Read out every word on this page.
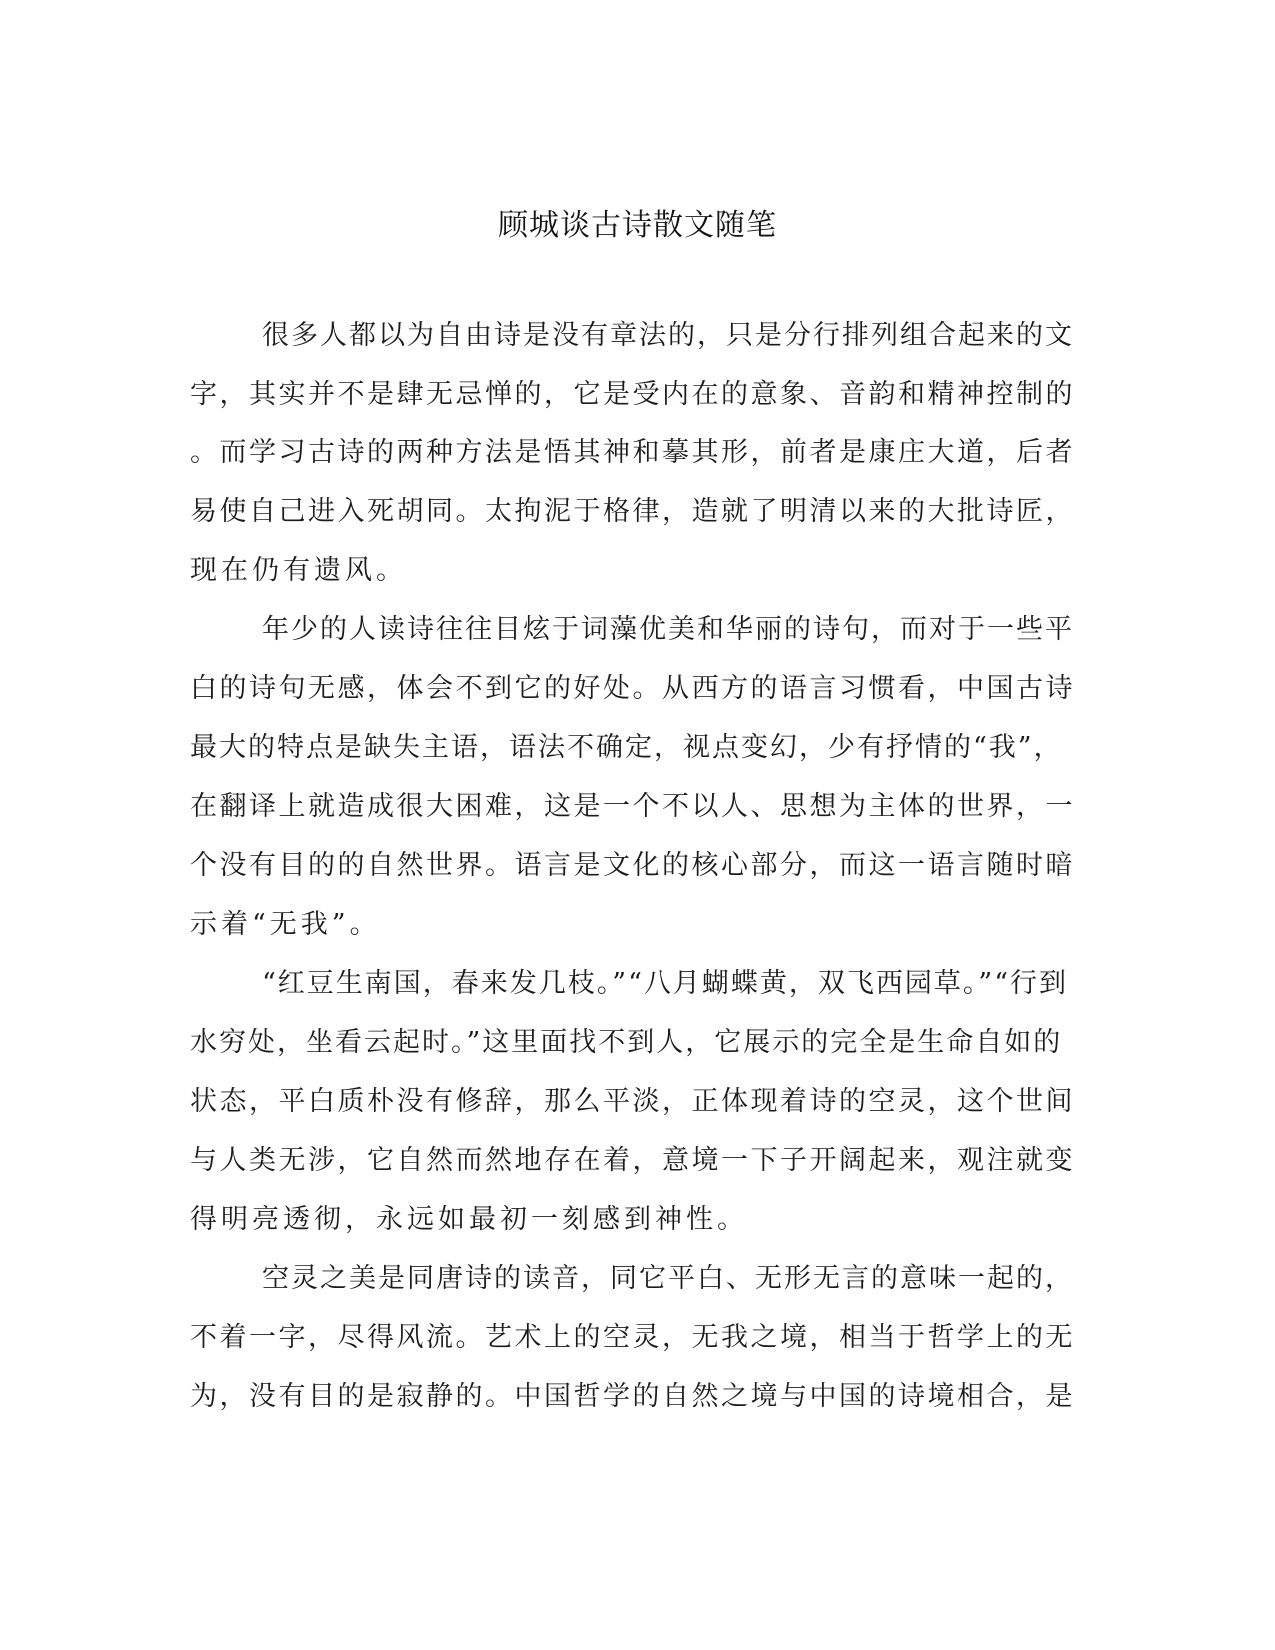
顾城谈古诗散文随笔
很多人都以为自由诗是没有章法的，只是分行排列组合起来的文
字，其实并不是肆无忌惮的，它是受内在的意象、音韵和精神控制的
。而学习古诗的两种方法是悟其神和摹其形，前者是康庄大道，后者
易使自己进入死胡同。太拘泥于格律，造就了明清以来的大批诗匠，
现在仍有遗风。
年少的人读诗往往目炫于词藻优美和华丽的诗句，而对于一些平
白的诗句无感，体会不到它的好处。从西方的语言习惯看，中国古诗
最大的特点是缺失主语，语法不确定，视点变幻，少有抒情的“我”，
在翻译上就造成很大困难，这是一个不以人、思想为主体的世界，一
个没有目的的自然世界。语言是文化的核心部分，而这一语言随时暗
示着“无我”。
“红豆生南国，春来发几枝。”“八月蝴蝶黄，双飞西园草。”“行到
水穷处，坐看云起时。”这里面找不到人，它展示的完全是生命自如的
状态，平白质朴没有修辞，那么平淡，正体现着诗的空灵，这个世间
与人类无涉，它自然而然地存在着，意境一下子开阔起来，观注就变
得明亮透彻，永远如最初一刻感到神性。
空灵之美是同唐诗的读音，同它平白、无形无言的意味一起的，
不着一字，尽得风流。艺术上的空灵，无我之境，相当于哲学上的无
为，没有目的是寂静的。中国哲学的自然之境与中国的诗境相合，是
